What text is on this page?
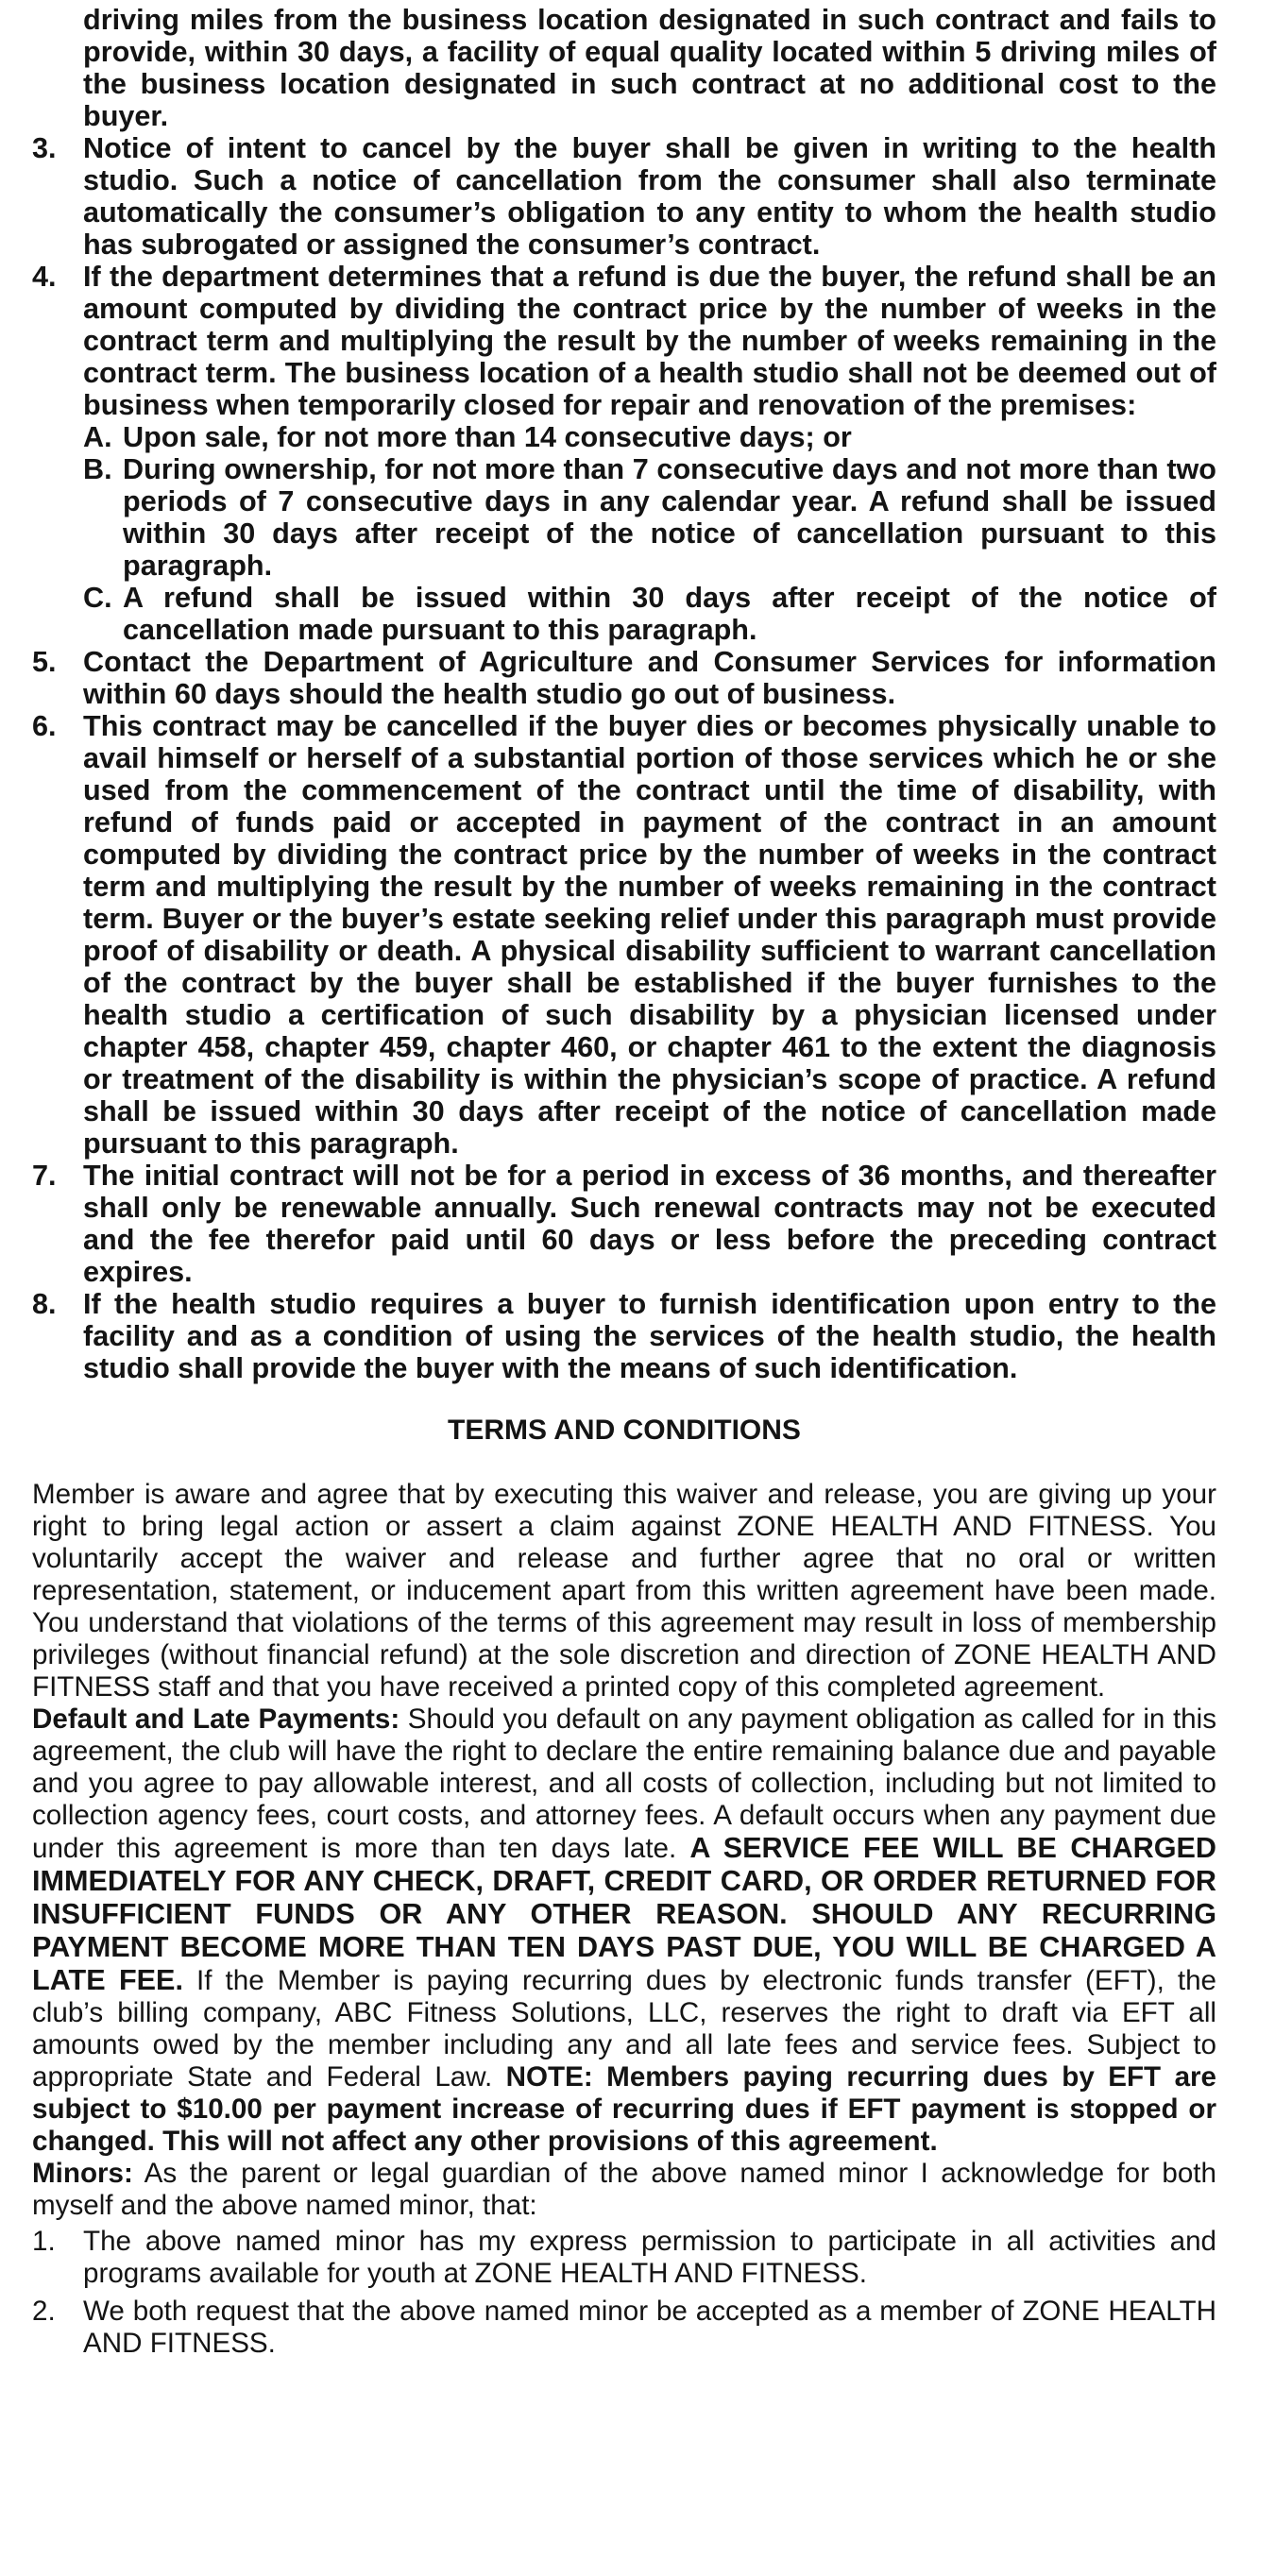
driving miles from the business location designated in such contract and fails to provide, within 30 days, a facility of equal quality located within 5 driving miles of the business location designated in such contract at no additional cost to the buyer.

3. Notice of intent to cancel by the buyer shall be given in writing to the health studio. Such a notice of cancellation from the consumer shall also terminate automatically the consumer’s obligation to any entity to whom the health studio has subrogated or assigned the consumer’s contract.

4. If the department determines that a refund is due the buyer, the refund shall be an amount computed by dividing the contract price by the number of weeks in the contract term and multiplying the result by the number of weeks remaining in the contract term. The business location of a health studio shall not be deemed out of business when temporarily closed for repair and renovation of the premises:

A. Upon sale, for not more than 14 consecutive days; or

B. During ownership, for not more than 7 consecutive days and not more than two periods of 7 consecutive days in any calendar year. A refund shall be issued within 30 days after receipt of the notice of cancellation pursuant to this paragraph.

C. A refund shall be issued within 30 days after receipt of the notice of cancellation made pursuant to this paragraph.

5. Contact the Department of Agriculture and Consumer Services for information within 60 days should the health studio go out of business.

6. This contract may be cancelled if the buyer dies or becomes physically unable to avail himself or herself of a substantial portion of those services which he or she used from the commencement of the contract until the time of disability, with refund of funds paid or accepted in payment of the contract in an amount computed by dividing the contract price by the number of weeks in the contract term and multiplying the result by the number of weeks remaining in the contract term. Buyer or the buyer’s estate seeking relief under this paragraph must provide proof of disability or death. A physical disability sufficient to warrant cancellation of the contract by the buyer shall be established if the buyer furnishes to the health studio a certification of such disability by a physician licensed under chapter 458, chapter 459, chapter 460, or chapter 461 to the extent the diagnosis or treatment of the disability is within the physician’s scope of practice. A refund shall be issued within 30 days after receipt of the notice of cancellation made pursuant to this paragraph.

7. The initial contract will not be for a period in excess of 36 months, and thereafter shall only be renewable annually. Such renewal contracts may not be executed and the fee therefor paid until 60 days or less before the preceding contract expires.

8. If the health studio requires a buyer to furnish identification upon entry to the facility and as a condition of using the services of the health studio, the health studio shall provide the buyer with the means of such identification.

TERMS AND CONDITIONS

Member is aware and agree that by executing this waiver and release, you are giving up your right to bring legal action or assert a claim against ZONE HEALTH AND FITNESS. You voluntarily accept the waiver and release and further agree that no oral or written representation, statement, or inducement apart from this written agreement have been made. You understand that violations of the terms of this agreement may result in loss of membership privileges (without financial refund) at the sole discretion and direction of ZONE HEALTH AND FITNESS staff and that you have received a printed copy of this completed agreement.

Default and Late Payments: Should you default on any payment obligation as called for in this agreement, the club will have the right to declare the entire remaining balance due and payable and you agree to pay allowable interest, and all costs of collection, including but not limited to collection agency fees, court costs, and attorney fees. A default occurs when any payment due under this agreement is more than ten days late. A SERVICE FEE WILL BE CHARGED IMMEDIATELY FOR ANY CHECK, DRAFT, CREDIT CARD, OR ORDER RETURNED FOR INSUFFICIENT FUNDS OR ANY OTHER REASON. SHOULD ANY RECURRING PAYMENT BECOME MORE THAN TEN DAYS PAST DUE, YOU WILL BE CHARGED A LATE FEE. If the Member is paying recurring dues by electronic funds transfer (EFT), the club’s billing company, ABC Fitness Solutions, LLC, reserves the right to draft via EFT all amounts owed by the member including any and all late fees and service fees. Subject to appropriate State and Federal Law. NOTE: Members paying recurring dues by EFT are subject to $10.00 per payment increase of recurring dues if EFT payment is stopped or changed. This will not affect any other provisions of this agreement.

Minors: As the parent or legal guardian of the above named minor I acknowledge for both myself and the above named minor, that:

1. The above named minor has my express permission to participate in all activities and programs available for youth at ZONE HEALTH AND FITNESS.

2. We both request that the above named minor be accepted as a member of ZONE HEALTH AND FITNESS.
